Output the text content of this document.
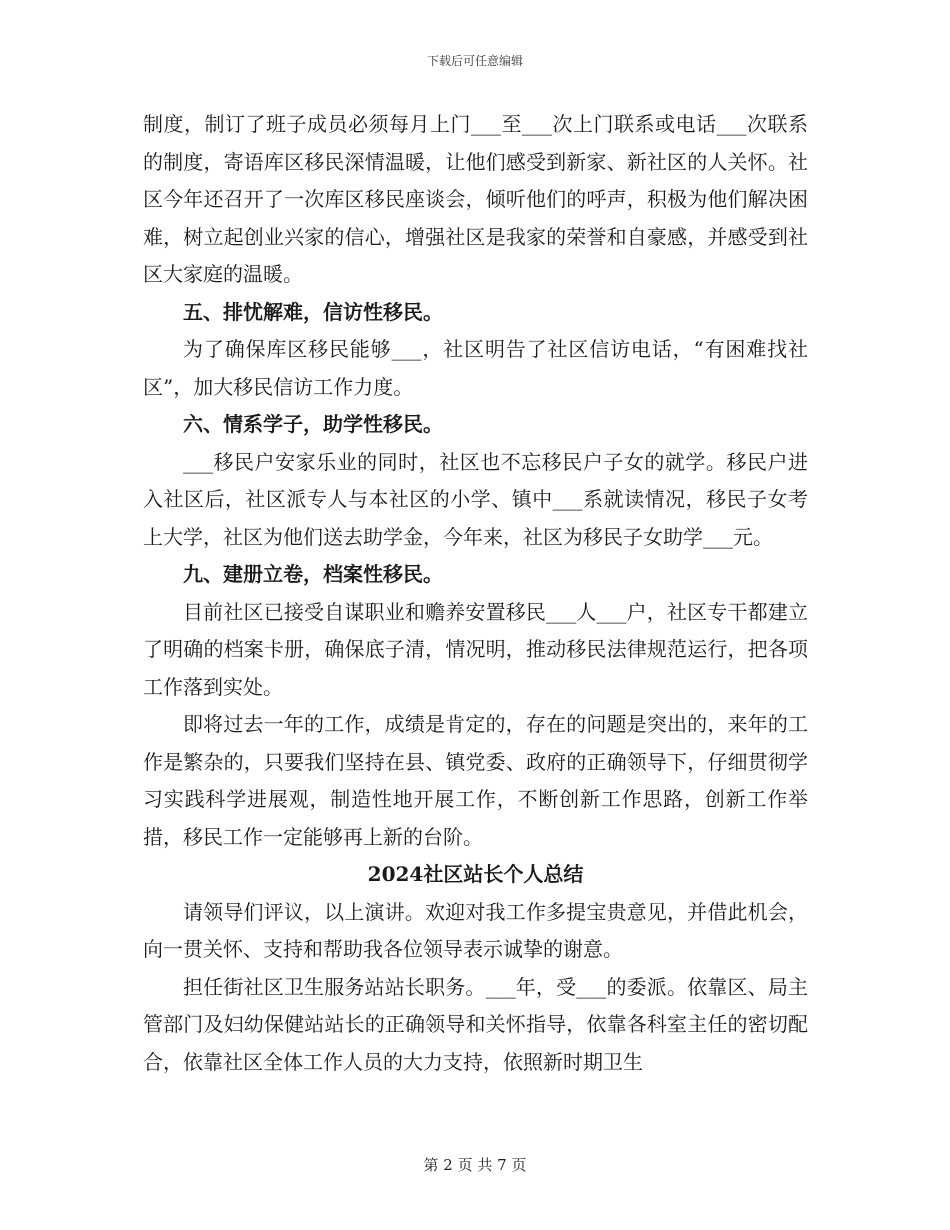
下载后可任意编辑

制度，制订了班子成员必须每月上门___至___次上门联系或电话___次联系的制度，寄语库区移民深情温暖，让他们感受到新家、新社区的人关怀。社区今年还召开了一次库区移民座谈会，倾听他们的呼声，积极为他们解决困难，树立起创业兴家的信心，增强社区是我家的荣誉和自豪感，并感受到社区大家庭的温暖。

五、排忧解难，信访性移民。

为了确保库区移民能够___，社区明告了社区信访电话，“有困难找社区”，加大移民信访工作力度。

六、情系学子，助学性移民。

___移民户安家乐业的同时，社区也不忘移民户子女的就学。移民户进入社区后，社区派专人与本社区的小学、镇中___系就读情况，移民子女考上大学，社区为他们送去助学金，今年来，社区为移民子女助学___元。

九、建册立卷，档案性移民。

目前社区已接受自谋职业和赡养安置移民___人___户，社区专干都建立了明确的档案卡册，确保底子清，情况明，推动移民法律规范运行，把各项工作落到实处。

即将过去一年的工作，成绩是肯定的，存在的问题是突出的，来年的工作是繁杂的，只要我们坚持在县、镇党委、政府的正确领导下，仔细贯彻学习实践科学进展观，制造性地开展工作，不断创新工作思路，创新工作举措，移民工作一定能够再上新的台阶。

2024社区站长个人总结

请领导们评议，以上演讲。欢迎对我工作多提宝贵意见，并借此机会，向一贯关怀、支持和帮助我各位领导表示诚挚的谢意。

担任街社区卫生服务站站长职务。___年，受___的委派。依靠区、局主管部门及妇幼保健站站长的正确领导和关怀指导，依靠各科室主任的密切配合，依靠社区全体工作人员的大力支持，依照新时期卫生

第 2 页 共 7 页
